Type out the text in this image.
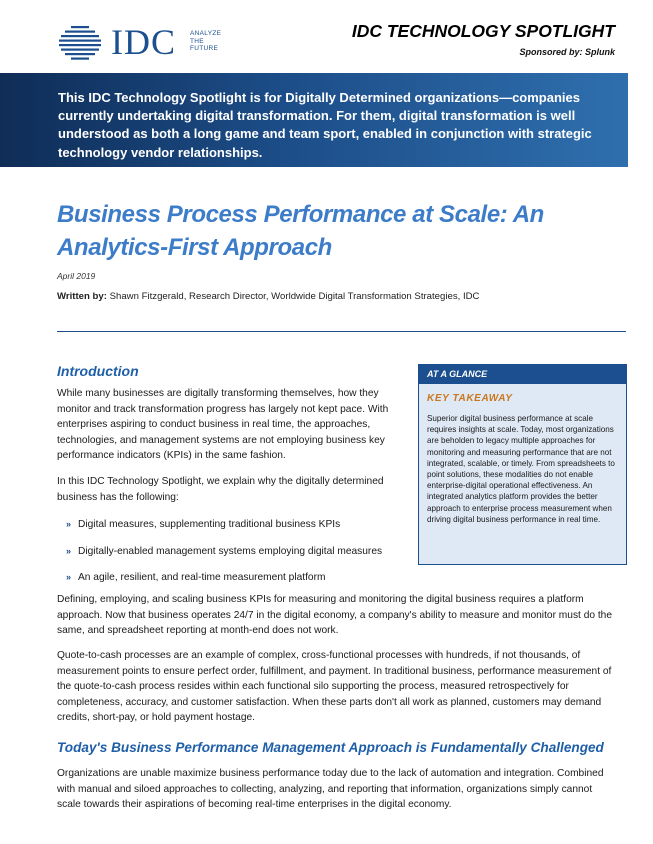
IDC ANALYZE
THE
FUTURE
IDC TECHNOLOGY SPOTLIGHT
Sponsored by: Splunk
This IDC Technology Spotlight is for Digitally Determined organizations—companies currently undertaking digital transformation. For them, digital transformation is well understood as both a long game and team sport, enabled in conjunction with strategic technology vendor relationships.
Business Process Performance at Scale: An Analytics-First Approach
April 2019
Written by: Shawn Fitzgerald, Research Director, Worldwide Digital Transformation Strategies, IDC
Introduction
While many businesses are digitally transforming themselves, how they monitor and track transformation progress has largely not kept pace. With enterprises aspiring to conduct business in real time, the approaches, technologies, and management systems are not employing business key performance indicators (KPIs) in the same fashion.
In this IDC Technology Spotlight, we explain why the digitally determined business has the following:
» Digital measures, supplementing traditional business KPIs
» Digitally-enabled management systems employing digital measures
» An agile, resilient, and real-time measurement platform
Defining, employing, and scaling business KPIs for measuring and monitoring the digital business requires a platform approach. Now that business operates 24/7 in the digital economy, a company's ability to measure and monitor must do the same, and spreadsheet reporting at month-end does not work.
Quote-to-cash processes are an example of complex, cross-functional processes with hundreds, if not thousands, of measurement points to ensure perfect order, fulfillment, and payment. In traditional business, performance measurement of the quote-to-cash process resides within each functional silo supporting the process, measured retrospectively for completeness, accuracy, and customer satisfaction. When these parts don't all work as planned, customers may demand credits, short-pay, or hold payment hostage.
Today's Business Performance Management Approach is Fundamentally Challenged
Organizations are unable maximize business performance today due to the lack of automation and integration. Combined with manual and siloed approaches to collecting, analyzing, and reporting that information, organizations simply cannot scale towards their aspirations of becoming real-time enterprises in the digital economy.
AT A GLANCE
KEY TAKEAWAY
Superior digital business performance at scale requires insights at scale. Today, most organizations are beholden to legacy multiple approaches for monitoring and measuring performance that are not integrated, scalable, or timely. From spreadsheets to point solutions, these modalities do not enable enterprise-digital operational effectiveness. An integrated analytics platform provides the better approach to enterprise process measurement when driving digital business performance in real time.
